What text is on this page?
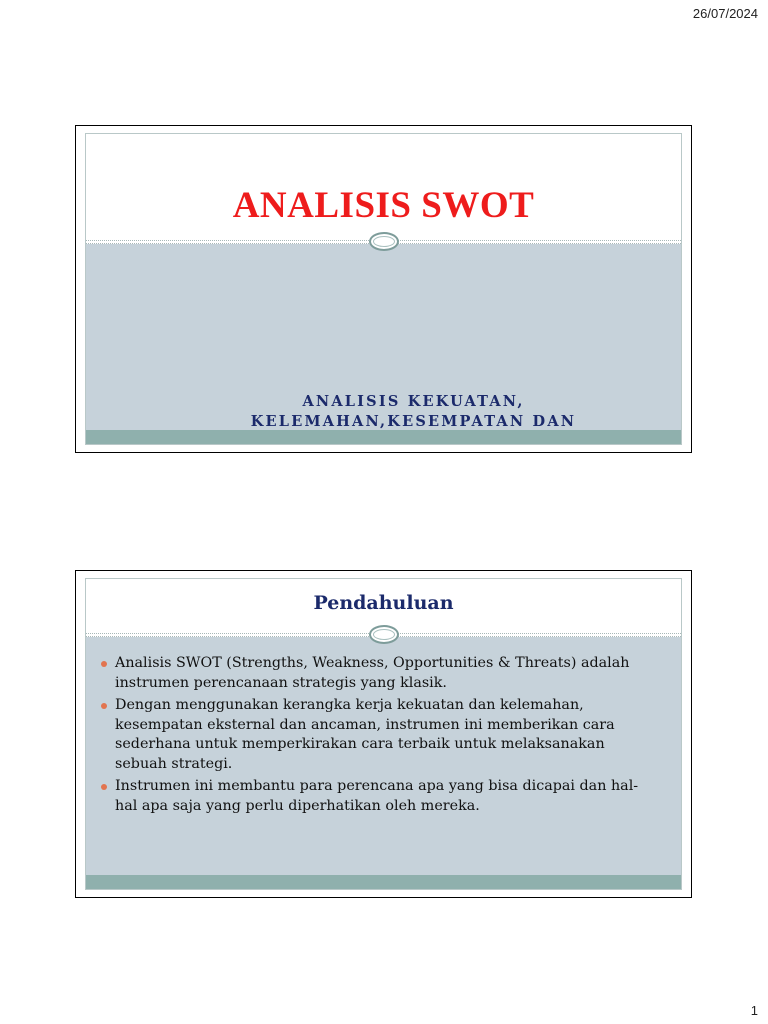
26/07/2024
ANALISIS SWOT

ANALISIS KEKUATAN,
KELEMAHAN,KESEMPATAN DAN

Pendahuluan
Analisis SWOT (Strengths, Weakness, Opportunities & Threats) adalah instrumen perencanaan strategis yang klasik.
Dengan menggunakan kerangka kerja kekuatan dan kelemahan, kesempatan eksternal dan ancaman, instrumen ini memberikan cara sederhana untuk memperkirakan cara terbaik untuk melaksanakan sebuah strategi.
Instrumen ini membantu para perencana apa yang bisa dicapai dan hal-hal apa saja yang perlu diperhatikan oleh mereka.
1
